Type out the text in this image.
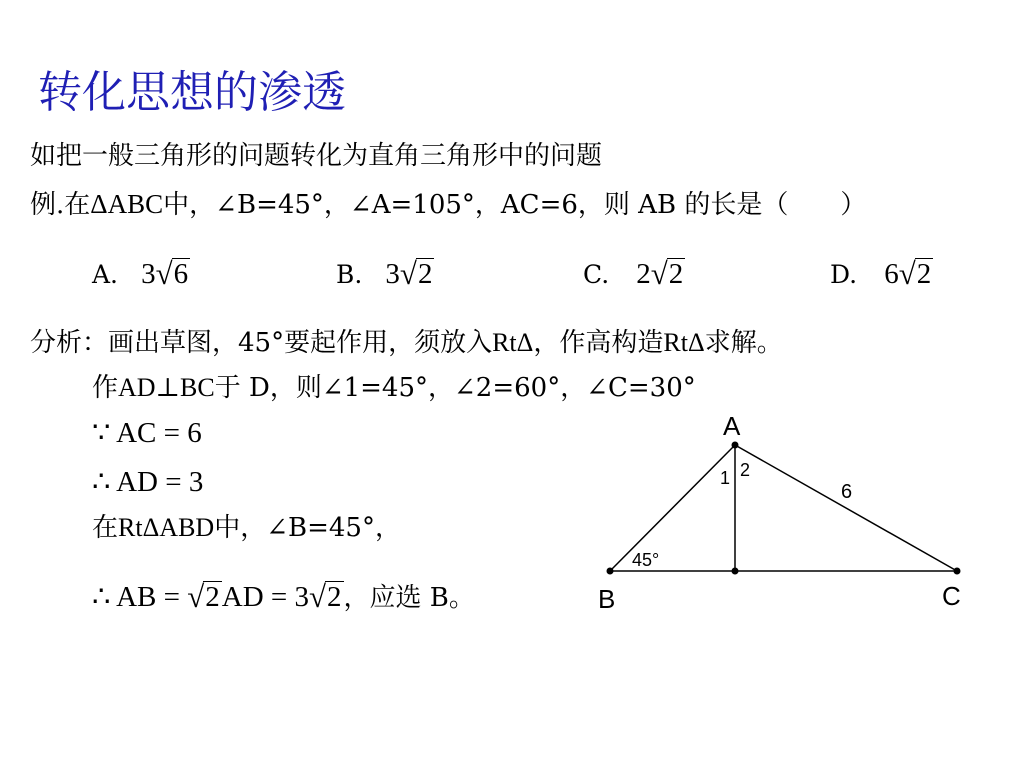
转化思想的渗透
如把一般三角形的问题转化为直角三角形中的问题
例.在ΔABC中，∠B=45°，∠A=105°，AC=6，则 AB 的长是（　　）
A. 3√6	B. 3√2	C. 2√2	D. 6√2
分析：画出草图，45°要起作用，须放入RtΔ，作高构造RtΔ求解。
作AD⊥BC于 D，则∠1=45°，∠2=60°，∠C=30°
∵ AC = 6
∴ AD = 3
在RtΔABD中，∠B=45°，
∴ AB = √2AD = 3√2，应选 B。
A
B	C
1 2
6
45°
